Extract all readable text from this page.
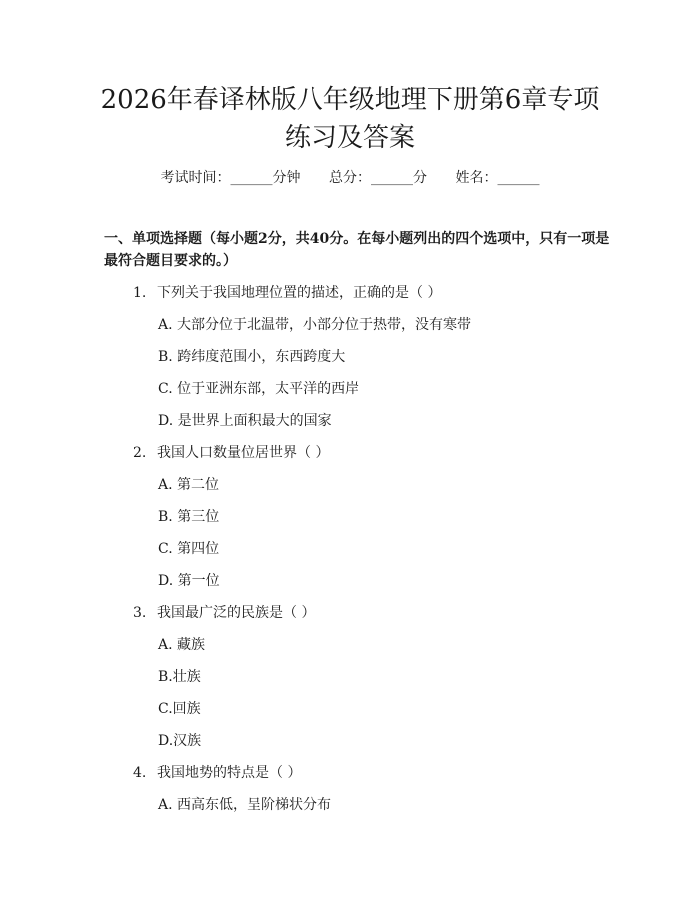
2026年春译林版八年级地理下册第6章专项
练习及答案
考试时间：______分钟 总分：______分 姓名：______
一、单项选择题（每小题2分，共40分。在每小题列出的四个选项中，只有一项是最符合题目要求的。）
1. 下列关于我国地理位置的描述，正确的是（ ）
A. 大部分位于北温带，小部分位于热带，没有寒带
B. 跨纬度范围小，东西跨度大
C. 位于亚洲东部，太平洋的西岸
D. 是世界上面积最大的国家
2. 我国人口数量位居世界（ ）
A. 第二位
B. 第三位
C. 第四位
D. 第一位
3. 我国最广泛的民族是（ ）
A. 藏族
B.壮族
C.回族
D.汉族
4. 我国地势的特点是（ ）
A. 西高东低，呈阶梯状分布
